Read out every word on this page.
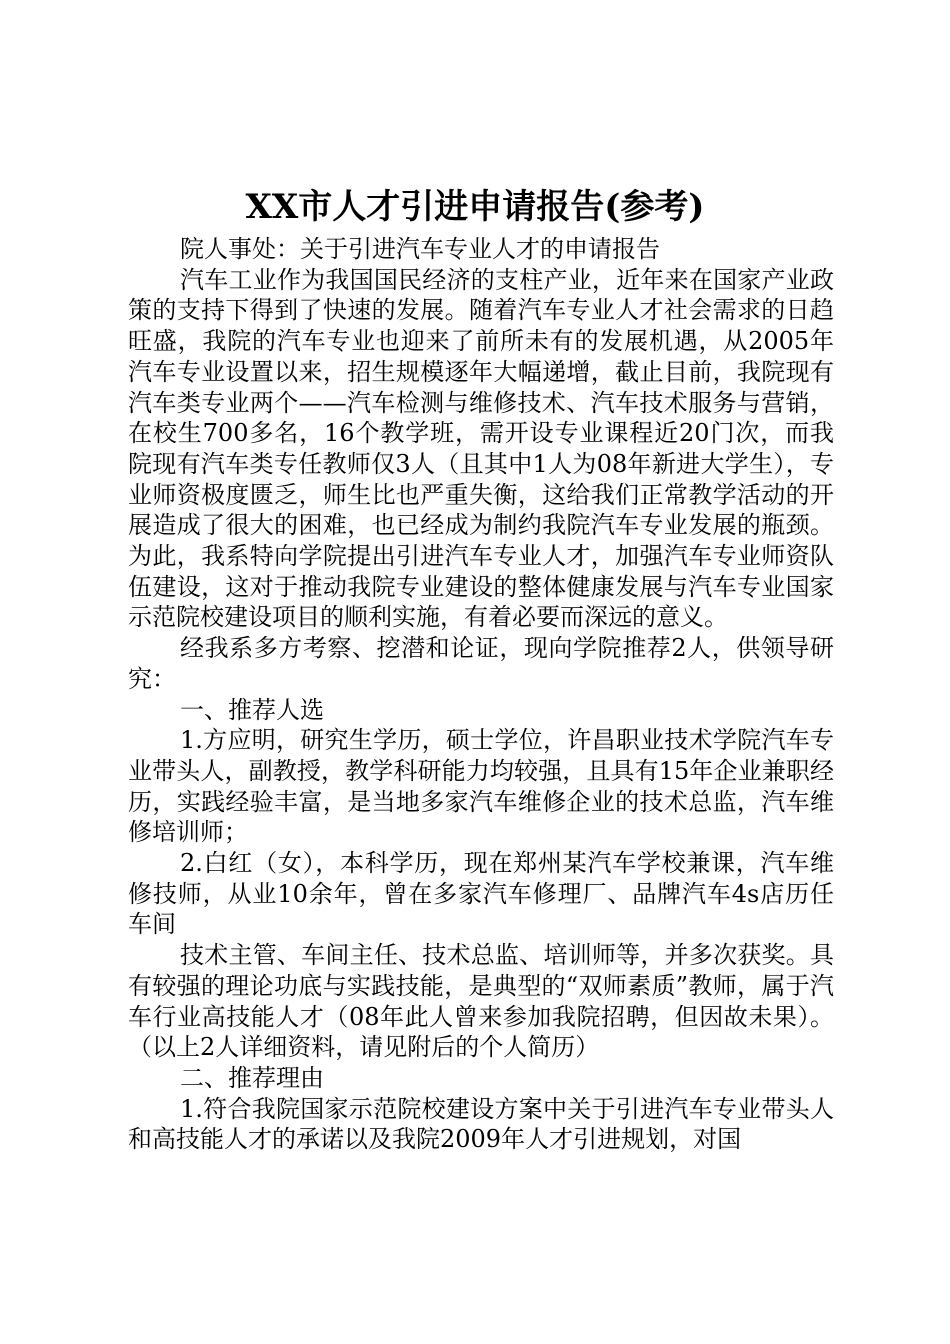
XX市人才引进申请报告(参考)

院人事处：关于引进汽车专业人才的申请报告

汽车工业作为我国国民经济的支柱产业，近年来在国家产业政策的支持下得到了快速的发展。随着汽车专业人才社会需求的日趋旺盛，我院的汽车专业也迎来了前所未有的发展机遇，从2005年汽车专业设置以来，招生规模逐年大幅递增，截止目前，我院现有汽车类专业两个——汽车检测与维修技术、汽车技术服务与营销，在校生700多名，16个教学班，需开设专业课程近20门次，而我院现有汽车类专任教师仅3人（且其中1人为08年新进大学生），专业师资极度匮乏，师生比也严重失衡，这给我们正常教学活动的开展造成了很大的困难，也已经成为制约我院汽车专业发展的瓶颈。为此，我系特向学院提出引进汽车专业人才，加强汽车专业师资队伍建设，这对于推动我院专业建设的整体健康发展与汽车专业国家示范院校建设项目的顺利实施，有着必要而深远的意义。

经我系多方考察、挖潜和论证，现向学院推荐2人，供领导研究：

一、推荐人选

1.方应明，研究生学历，硕士学位，许昌职业技术学院汽车专业带头人，副教授，教学科研能力均较强，且具有15年企业兼职经历，实践经验丰富，是当地多家汽车维修企业的技术总监，汽车维修培训师；

2.白红（女），本科学历，现在郑州某汽车学校兼课，汽车维修技师，从业10余年，曾在多家汽车修理厂、品牌汽车4s店历任车间

技术主管、车间主任、技术总监、培训师等，并多次获奖。具有较强的理论功底与实践技能，是典型的“双师素质”教师，属于汽车行业高技能人才（08年此人曾来参加我院招聘，但因故未果）。（以上2人详细资料，请见附后的个人简历）

二、推荐理由

1.符合我院国家示范院校建设方案中关于引进汽车专业带头人和高技能人才的承诺以及我院2009年人才引进规划，对国
